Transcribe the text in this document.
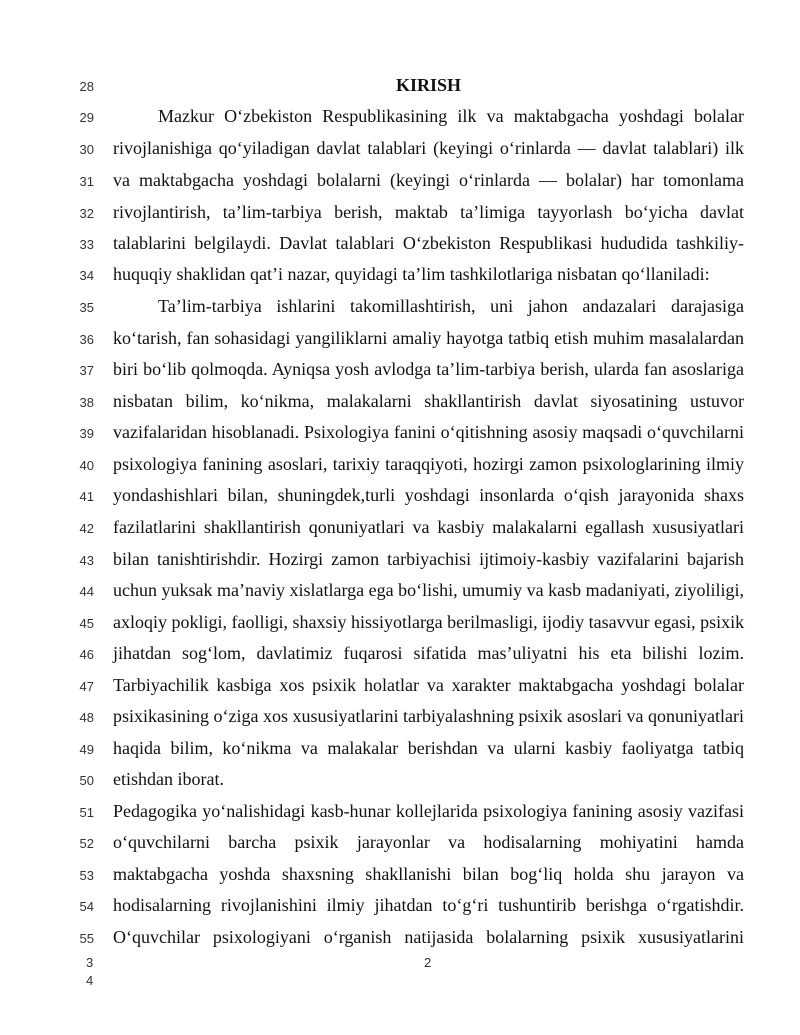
28
29
30
31
32
33
34
35
36
37
38
39
40
41
42
43
44
45
46
47
48
49
50
51
52
53
54
55
KIRISH
Mazkur O‘zbekiston Respublikasining ilk va maktabgacha yoshdagi bolalar
rivojlanishiga qo‘yiladigan davlat talablari (keyingi o‘rinlarda — davlat talablari) ilk
va maktabgacha yoshdagi bolalarni (keyingi o‘rinlarda — bolalar) har tomonlama
rivojlantirish, ta’lim-tarbiya berish, maktab ta’limiga tayyorlash bo‘yicha davlat
talablarini belgilaydi. Davlat talablari O‘zbekiston Respublikasi hududida tashkiliy-
huquqiy shaklidan qat’i nazar, quyidagi ta’lim tashkilotlariga nisbatan qo‘llaniladi:
Ta’lim-tarbiya ishlarini takomillashtirish, uni jahon andazalari darajasiga
ko‘tarish, fan sohasidagi yangiliklarni amaliy hayotga tatbiq etish muhim masalalardan
biri bo‘lib qolmoqda. Ayniqsa yosh avlodga ta’lim-tarbiya berish, ularda fan asoslariga
nisbatan bilim, ko‘nikma, malakalarni shakllantirish davlat siyosatining ustuvor
vazifalaridan hisoblanadi. Psixologiya fanini o‘qitishning asosiy maqsadi o‘quvchilarni
psixologiya fanining asoslari, tarixiy taraqqiyoti, hozirgi zamon psixologlarining ilmiy
yondashishlari bilan, shuningdek,turli yoshdagi insonlarda o‘qish jarayonida shaxs
fazilatlarini shakllantirish qonuniyatlari va kasbiy malakalarni egallash xususiyatlari
bilan tanishtirishdir. Hozirgi zamon tarbiyachisi ijtimoiy-kasbiy vazifalarini bajarish
uchun yuksak ma’naviy xislatlarga ega bo‘lishi, umumiy va kasb madaniyati, ziyoliligi,
axloqiy pokligi, faolligi, shaxsiy hissiyotlarga berilmasligi, ijodiy tasavvur egasi, psixik
jihatdan sog‘lom, davlatimiz fuqarosi sifatida mas’uliyatni his eta bilishi lozim.
Tarbiyachilik kasbiga xos psixik holatlar va xarakter maktabgacha yoshdagi bolalar
psixikasining o‘ziga xos xususiyatlarini tarbiyalashning psixik asoslari va qonuniyatlari
haqida bilim, ko‘nikma va malakalar berishdan va ularni kasbiy faoliyatga tatbiq
etishdan iborat.
Pedagogika yo‘nalishidagi kasb-hunar kollejlarida psixologiya fanining asosiy vazifasi
o‘quvchilarni barcha psixik jarayonlar va hodisalarning mohiyatini hamda
maktabgacha yoshda shaxsning shakllanishi bilan bog‘liq holda shu jarayon va
hodisalarning rivojlanishini ilmiy jihatdan to‘g‘ri tushuntirib berishga o‘rgatishdir.
O‘quvchilar psixologiyani o‘rganish natijasida bolalarning psixik xususiyatlarini
3
4
2
